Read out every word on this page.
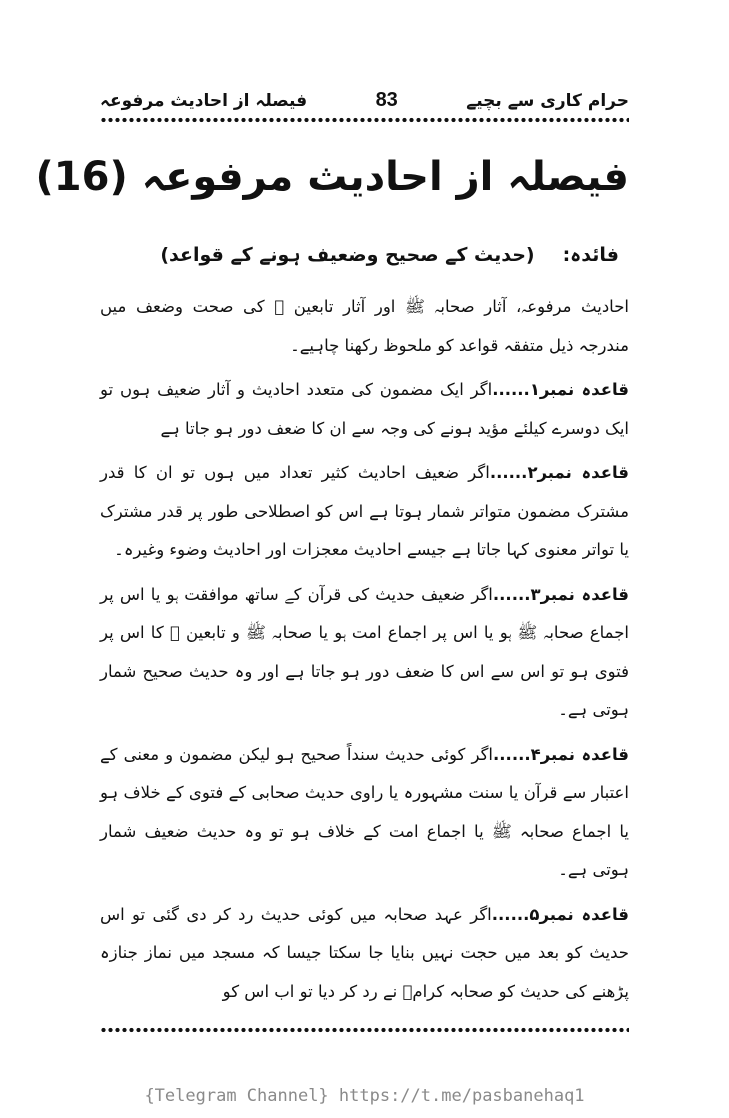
فیصلہ از احادیث مرفوعہ	83	حرام کاری سے بچیے
فیصلہ از احادیث مرفوعہ (16)
فائدہ:
(حدیث کے صحیح وضعیف ہونے کے قواعد)

احادیث مرفوعہ، آثار صحابہ ﷺ اور آثار تابعین ﷫ کی صحت وضعف میں مندرجہ ذیل متفقہ قواعد کو ملحوظ رکھنا چاہیے۔

قاعدہ نمبر۱......اگر ایک مضمون کی متعدد احادیث و آثار ضعیف ہوں تو ایک دوسرے کیلئے مؤید ہونے کی وجہ سے ان کا ضعف دور ہو جاتا ہے

قاعدہ نمبر۲......اگر ضعیف احادیث کثیر تعداد میں ہوں تو ان کا قدر مشترک مضمون متواتر شمار ہوتا ہے اس کو اصطلاحی طور پر قدر مشترک یا تواتر معنوی کہا جاتا ہے جیسے احادیث معجزات اور احادیث وضوء وغیرہ۔

قاعدہ نمبر۳......اگر ضعیف حدیث کی قرآن کے ساتھ موافقت ہو یا اس پر اجماع صحابہ ﷺ ہو یا اس پر اجماع امت ہو یا صحابہ ﷺ و تابعین ﷫ کا اس پر فتوی ہو تو اس سے اس کا ضعف دور ہو جاتا ہے اور وہ حدیث صحیح شمار ہوتی ہے۔

قاعدہ نمبر۴......اگر کوئی حدیث سنداً صحیح ہو لیکن مضمون و معنی کے اعتبار سے قرآن یا سنت مشہورہ یا راوی حدیث صحابی کے فتوی کے خلاف ہو یا اجماع صحابہ ﷺ یا اجماع امت کے خلاف ہو تو وہ حدیث ضعیف شمار ہوتی ہے۔

قاعدہ نمبر۵......اگر عہد صحابہ میں کوئی حدیث رد کر دی گئی تو اس حدیث کو بعد میں حجت نہیں بنایا جا سکتا جیسا کہ مسجد میں نماز جنازہ پڑھنے کی حدیث کو صحابہ کرامؓ نے رد کر دیا تو اب اس کو

{Telegram Channel} https://t.me/pasbanehaq1
